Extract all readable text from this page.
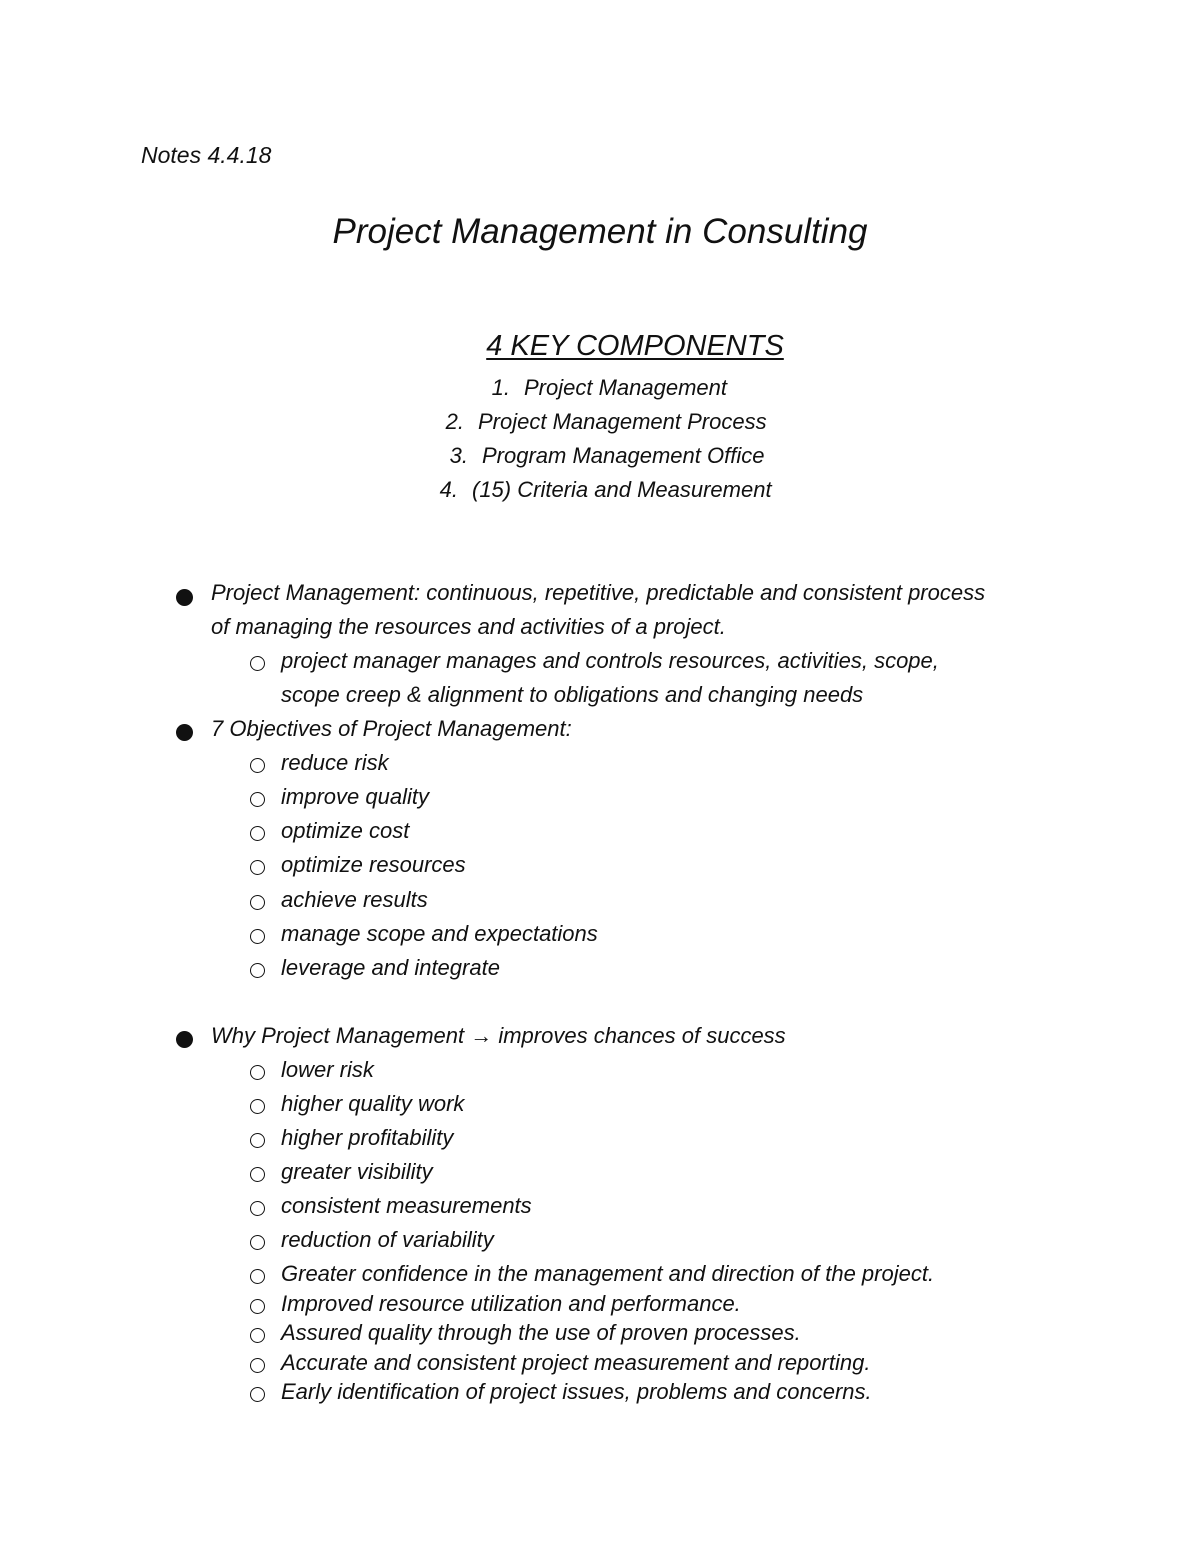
Notes 4.4.18
Project Management in Consulting
4 KEY COMPONENTS
1. Project Management
2. Project Management Process
3. Program Management Office
4. (15) Criteria and Measurement
Project Management: continuous, repetitive, predictable and consistent process
of managing the resources and activities of a project.
project manager manages and controls resources, activities, scope,
scope creep & alignment to obligations and changing needs
7 Objectives of Project Management:
reduce risk
improve quality
optimize cost
optimize resources
achieve results
manage scope and expectations
leverage and integrate
Why Project Management → improves chances of success
lower risk
higher quality work
higher profitability
greater visibility
consistent measurements
reduction of variability
Greater confidence in the management and direction of the project.
Improved resource utilization and performance.
Assured quality through the use of proven processes.
Accurate and consistent project measurement and reporting.
Early identification of project issues, problems and concerns.
